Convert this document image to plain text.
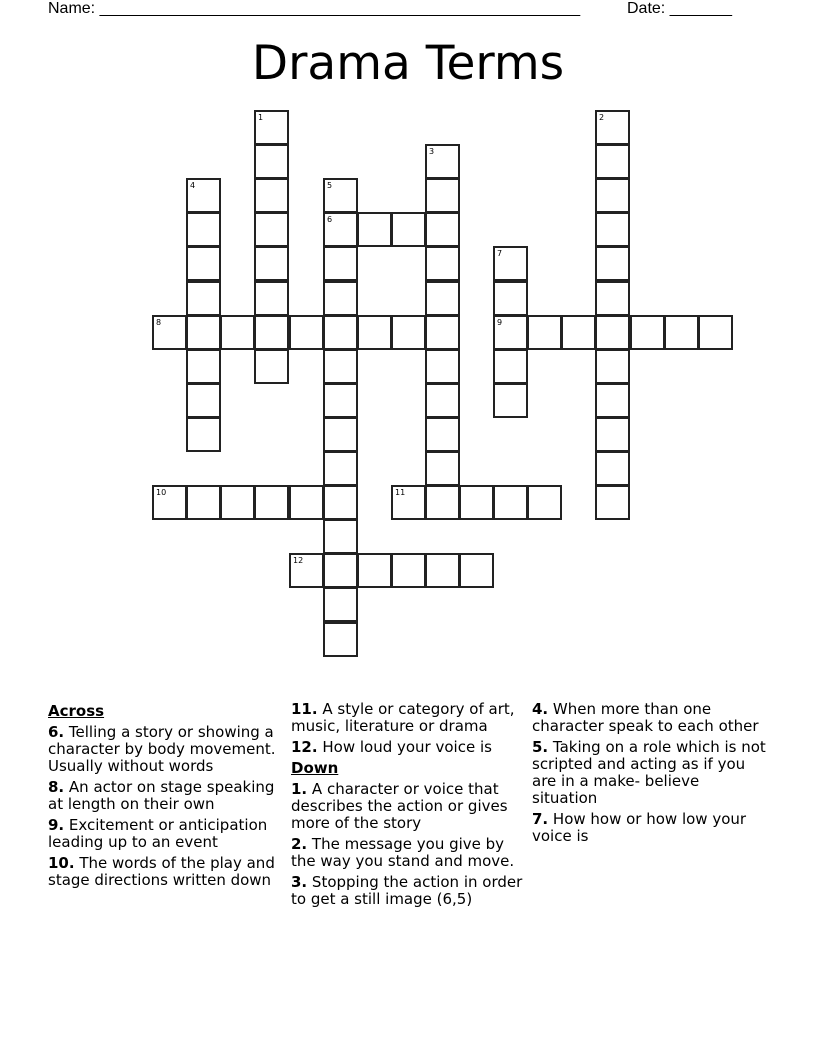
Name: ______________________________________________________	Date: _______
Drama Terms
1	2
3
4	5
6
7
9
8
10	11
12
Across
6. Telling a story or showing a character by body movement. Usually without words
8. An actor on stage speaking at length on their own
9. Excitement or anticipation leading up to an event
10. The words of the play and stage directions written down
11. A style or category of art, music, literature or drama
12. How loud your voice is
Down
1. A character or voice that describes the action or gives more of the story
2. The message you give by the way you stand and move.
3. Stopping the action in order to get a still image (6,5)
4. When more than one character speak to each other
5. Taking on a role which is not scripted and acting as if you are in a make- believe situation
7. How how or how low your voice is
